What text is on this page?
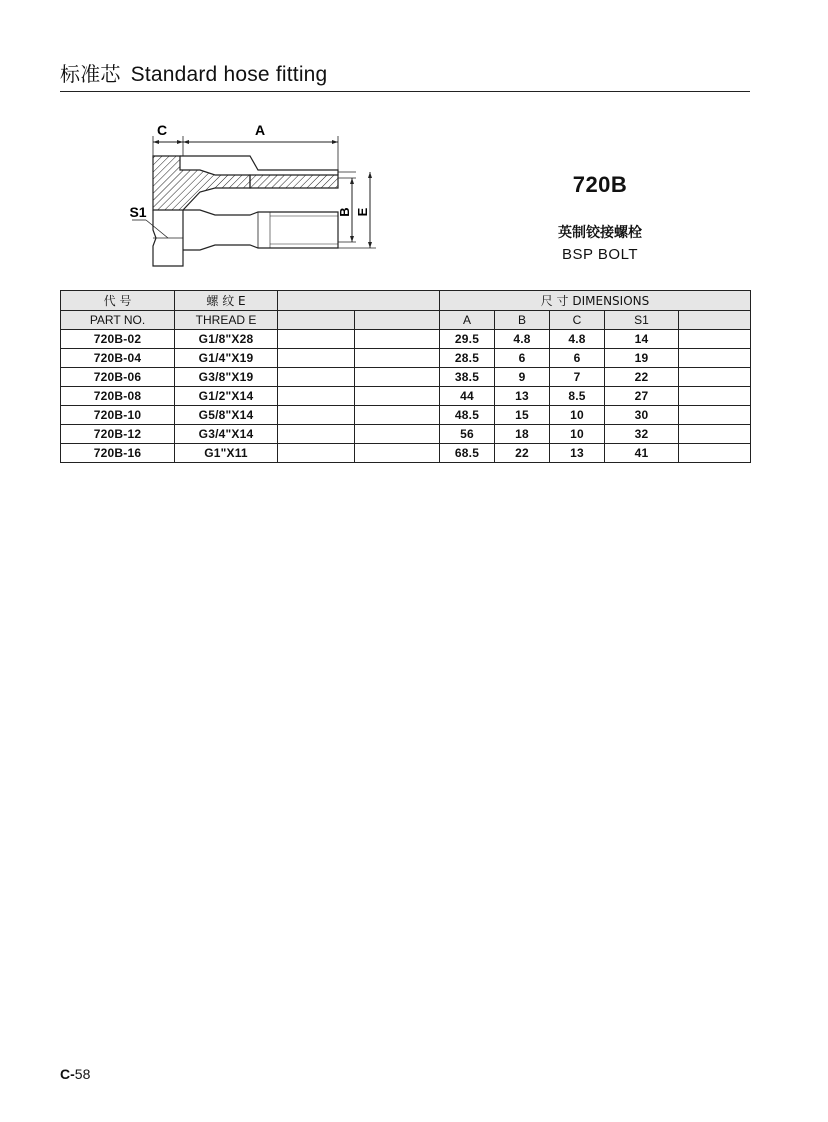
标准芯 Standard hose fitting
C	A
B E
S1
720B
英制铰接螺栓
BSP BOLT
代 号	螺 纹 E			尺 寸 DIMENSIONS				
PART NO.	THREAD E			A	B	C	S1	
720B-02	G1/8"X28			29.5	4.8	4.8	14	
720B-04	G1/4"X19			28.5	6	6	19	
720B-06	G3/8"X19			38.5	9	7	22	
720B-08	G1/2"X14			44	13	8.5	27	
720B-10	G5/8"X14			48.5	15	10	30	
720B-12	G3/4"X14			56	18	10	32	
720B-16	G1"X11			68.5	22	13	41	
C-58
